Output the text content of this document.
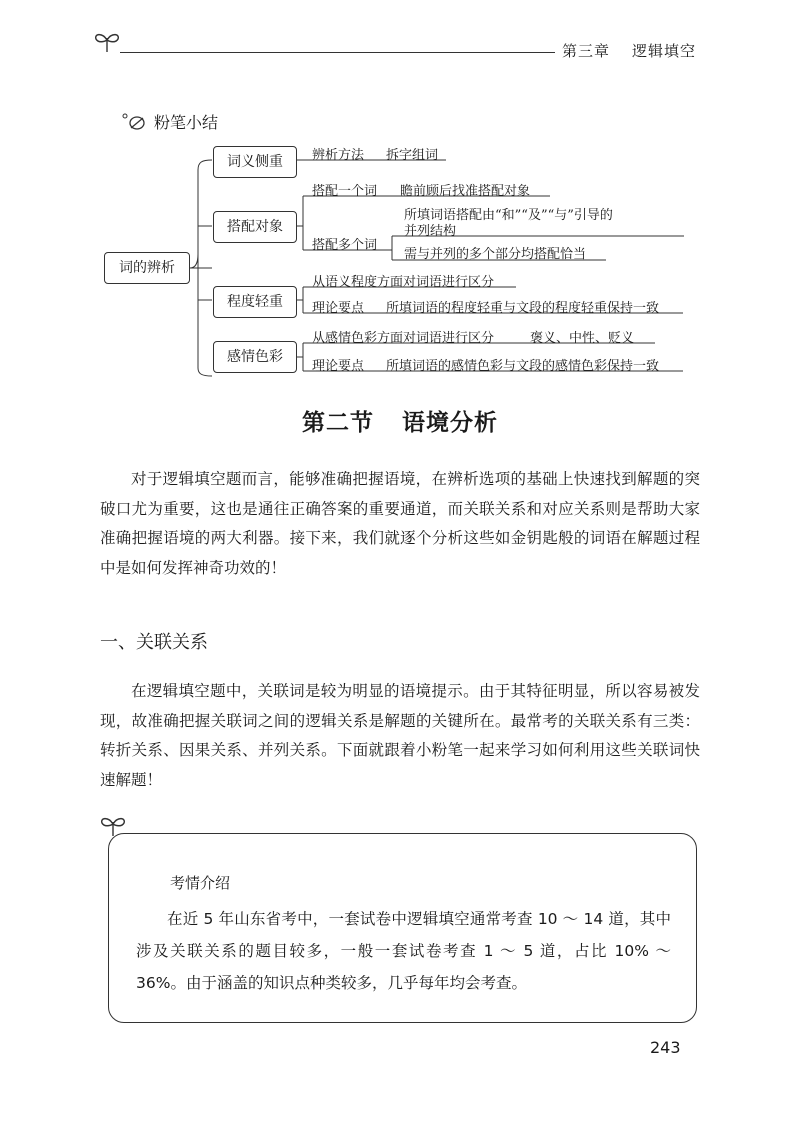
第三章 逻辑填空
粉笔小结
词的辨析
词义侧重
搭配对象
程度轻重
感情色彩
辨析方法 拆字组词
搭配一个词 瞻前顾后找准搭配对象
搭配多个词
所填词语搭配由“和”“及”“与”引导的
并列结构
需与并列的多个部分均搭配恰当
从语义程度方面对词语进行区分
理论要点 所填词语的程度轻重与文段的程度轻重保持一致
从感情色彩方面对词语进行区分	褒义、中性、贬义
理论要点 所填词语的感情色彩与文段的感情色彩保持一致
第二节 语境分析

对于逻辑填空题而言，能够准确把握语境，在辨析选项的基础上快速找到解题的突破口尤为重要，这也是通往正确答案的重要通道，而关联关系和对应关系则是帮助大家准确把握语境的两大利器。接下来，我们就逐个分析这些如金钥匙般的词语在解题过程中是如何发挥神奇功效的！

一、关联关系

在逻辑填空题中，关联词是较为明显的语境提示。由于其特征明显，所以容易被发现，故准确把握关联词之间的逻辑关系是解题的关键所在。最常考的关联关系有三类：转折关系、因果关系、并列关系。下面就跟着小粉笔一起来学习如何利用这些关联词快速解题！

考情介绍

在近 5 年山东省考中，一套试卷中逻辑填空通常考查 10 ～ 14 道，其中涉及关联关系的题目较多，一般一套试卷考查 1 ～ 5 道，占比 10% ～ 36%。由于涵盖的知识点种类较多，几乎每年均会考查。

243
